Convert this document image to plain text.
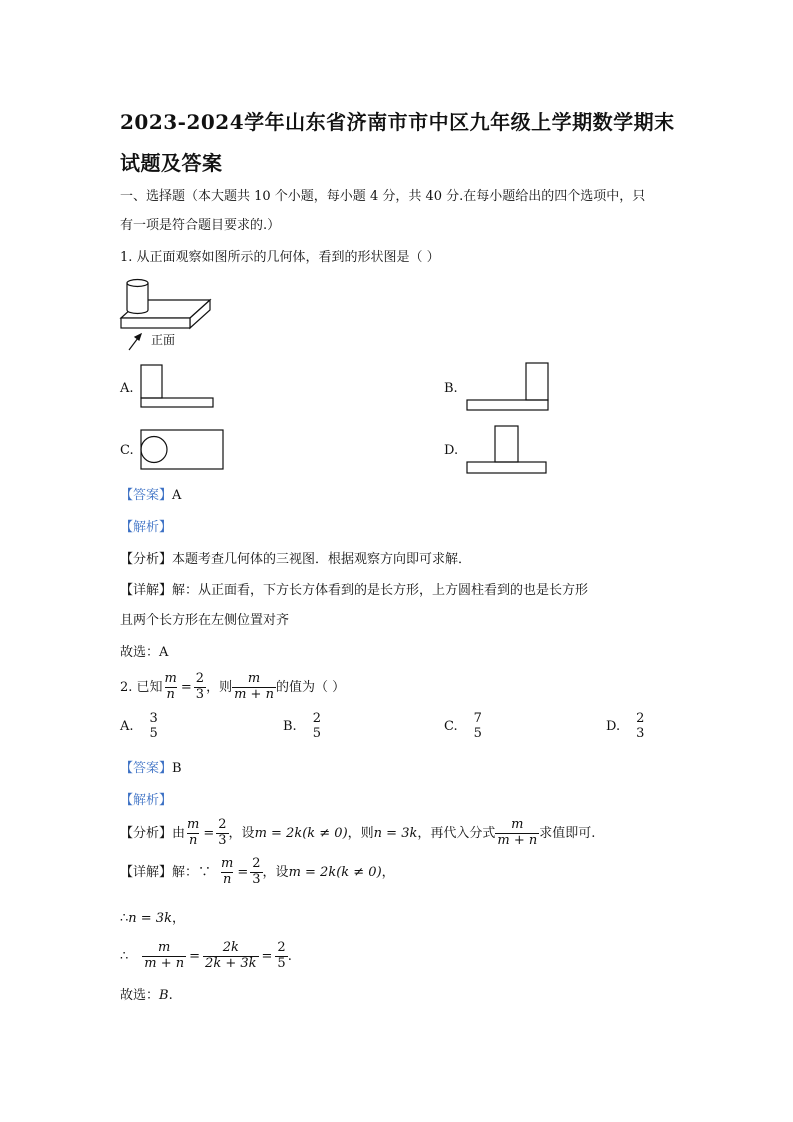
2023-2024学年山东省济南市市中区九年级上学期数学期末
试题及答案
一、选择题（本大题共 10 个小题，每小题 4 分，共 40 分.在每小题给出的四个选项中，只
有一项是符合题目要求的.）
1. 从正面观察如图所示的几何体，看到的形状图是（ ）
正面
A.	B.
C.	D.
【答案】A
【解析】
【分析】本题考查几何体的三视图．根据观察方向即可求解．
【详解】解：从正面看，下方长方体看到的是长方形，上方圆柱看到的也是长方形
且两个长方形在左侧位置对齐
故选：A
2. 已知 $\frac{m}{n} = \frac{2}{3}$ ，则 $\frac{m}{m + n}$ 的值为（ ）
A.
3
5	B.
2
5	C.
7
5	D.
2
3
【答案】B
【解析】
【分析】 由 $\frac{m}{n} = \frac{2}{3}$ ，设 m = 2k (k ≠ 0) ，则 n = 3k ，再代入分式 $\frac{m}{m + n}$ 求值即可.
【详解】 解：∵ $\frac{m}{n} = \frac{2}{3}$ ，设 m = 2k (k ≠ 0) ，
∴n = 3k，
∴ $\frac{m}{m + n} = \frac{2k}{2k + 3k} = \frac{2}{5}$ .
故选：B.
